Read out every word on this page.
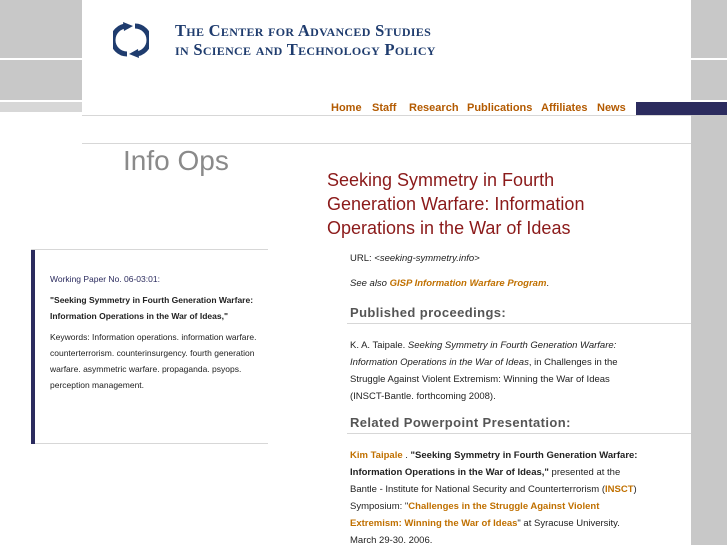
The Center for Advanced Studies
in Science and Technology Policy
Home Staff Research Publications Affiliates News
Info Ops

Working Paper No. 06-03:01:

"Seeking Symmetry in Fourth Generation Warfare: Information Operations in the War of Ideas,"

Keywords: Information operations. information warfare. counterterrorism. counterinsurgency. fourth generation warfare. asymmetric warfare. propaganda. psyops. perception management.

Seeking Symmetry in Fourth Generation Warfare: Information Operations in the War of Ideas
URL: <seeking-symmetry.info>
See also GISP Information Warfare Program.
Published proceedings:
K. A. Taipale. Seeking Symmetry in Fourth Generation Warfare: Information Operations in the War of Ideas, in Challenges in the Struggle Against Violent Extremism: Winning the War of Ideas (INSCT-Bantle. forthcoming 2008).
Related Powerpoint Presentation:
Kim Taipale . "Seeking Symmetry in Fourth Generation Warfare: Information Operations in the War of Ideas," presented at the Bantle - Institute for National Security and Counterterrorism (INSCT) Symposium: "Challenges in the Struggle Against Violent Extremism: Winning the War of Ideas" at Syracuse University. March 29-30. 2006.
